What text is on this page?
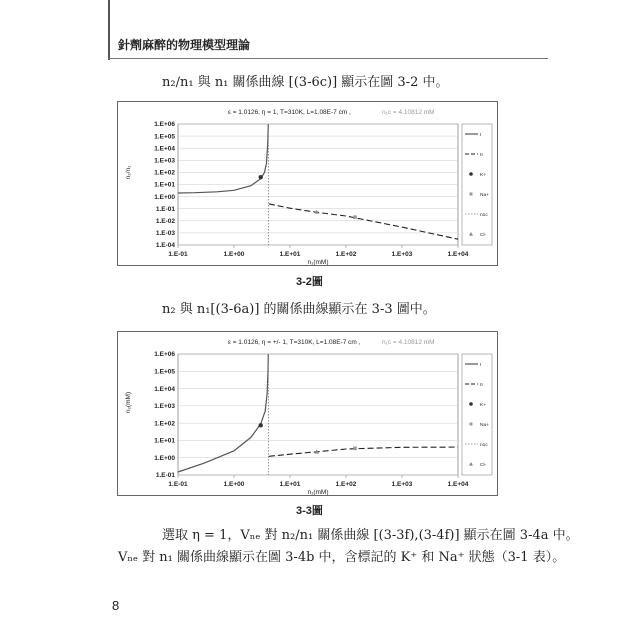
針劑麻醉的物理模型理論
n₂/n₁ 與 n₁ 關係曲線 [(3-6c)] 顯示在圖 3-2 中。
ε = 1.0126, η = 1, T=310K, L=1.08E-7 cm ,	n₁c = 4.10812 mM
1.E-04
1.E-03
1.E-02
1.E-01
1.E+00
1.E+01
1.E+02
1.E+03
1.E+04
1.E+05
1.E+06
1.E-01	1.E+00	1.E+01	1.E+02	1.E+03	1.E+04
n₁(mM)
n₂/n₁
I
II
K+
Na+
n1c
Cl-
3-2圖
n₂ 與 n₁[(3-6a)] 的關係曲線顯示在 3-3 圖中。
ε = 1.0126, η = +/- 1, T=310K, L=1.08E-7 cm ,	n₁c = 4.10812 mM
1.E-01
1.E+00
1.E+01
1.E+02
1.E+03
1.E+04
1.E+05
1.E+06
1.E-01	1.E+00	1.E+01	1.E+02	1.E+03	1.E+04
n₁(mM)
n₂(mM)
I
II
K+
Na+
n1c
Cl-
3-3圖
選取 η = 1，Vₙₑ 對 n₂/n₁ 關係曲線 [(3-3f),(3-4f)] 顯示在圖 3-4a 中。
Vₙₑ 對 n₁ 關係曲線顯示在圖 3-4b 中，含標記的 K⁺ 和 Na⁺ 狀態（3-1 表）。
8
